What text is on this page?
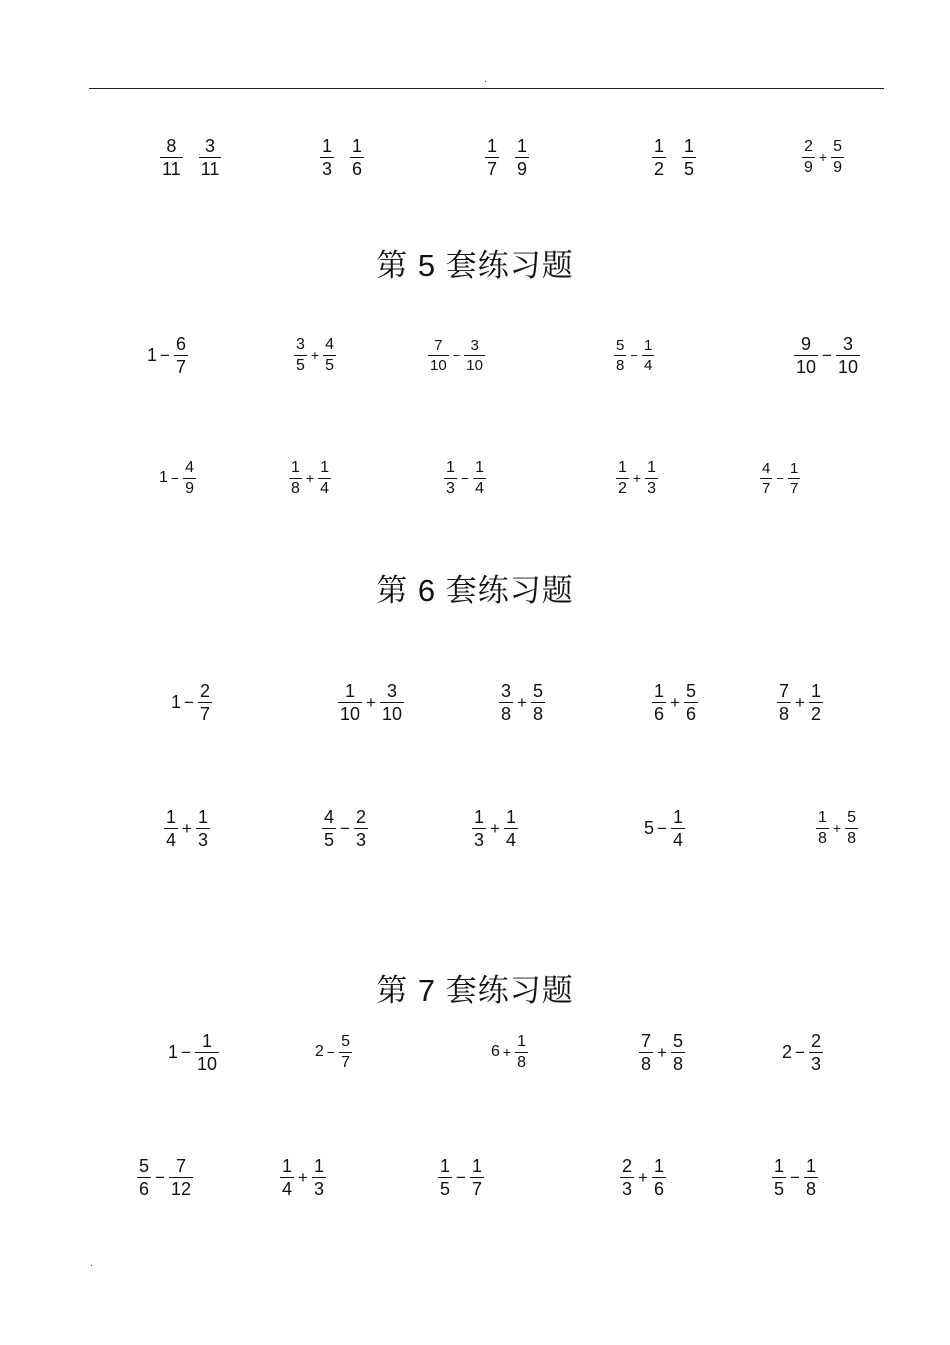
.
$\frac{8}{11} \frac{3}{11}$	$\frac{1}{3} \frac{1}{6}$	$\frac{1}{7} \frac{1}{9}$	$\frac{1}{2} \frac{1}{5}$	$\frac{2}{9} + \frac{5}{9}$
第 5 套练习题
$1 - \frac{6}{7}$	$\frac{3}{5} + \frac{4}{5}$	$\frac{7}{10} - \frac{3}{10}$	$\frac{5}{8} - \frac{1}{4}$	$\frac{9}{10} - \frac{3}{10}$
$1 - \frac{4}{9}$	$\frac{1}{8} + \frac{1}{4}$	$\frac{1}{3} - \frac{1}{4}$	$\frac{1}{2} + \frac{1}{3}$	$\frac{4}{7} - \frac{1}{7}$
第 6 套练习题
$1 - \frac{2}{7}$	$\frac{1}{10} + \frac{3}{10}$	$\frac{3}{8} + \frac{5}{8}$	$\frac{1}{6} + \frac{5}{6}$	$\frac{7}{8} + \frac{1}{2}$
$\frac{1}{4} + \frac{1}{3}$	$\frac{4}{5} - \frac{2}{3}$	$\frac{1}{3} + \frac{1}{4}$	$5 - \frac{1}{4}$	$\frac{1}{8} + \frac{5}{8}$
第 7 套练习题
$1 - \frac{1}{10}$	$2 - \frac{5}{7}$	$6 + \frac{1}{8}$	$\frac{7}{8} + \frac{5}{8}$	$2 - \frac{2}{3}$
$\frac{5}{6} - \frac{7}{12}$	$\frac{1}{4} + \frac{1}{3}$	$\frac{1}{5} - \frac{1}{7}$	$\frac{2}{3} + \frac{1}{6}$	$\frac{1}{5} - \frac{1}{8}$
.
